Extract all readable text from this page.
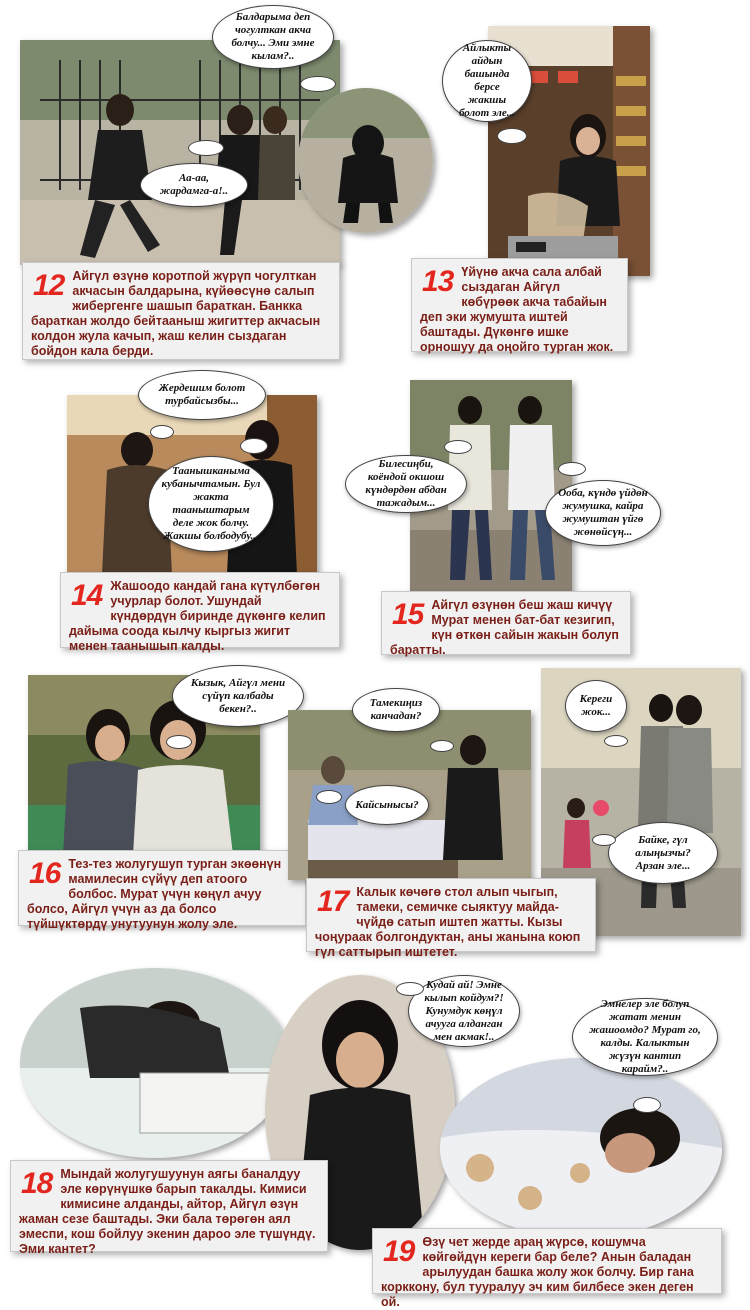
Балдарыма деп чогулткан акча болчу... Эми эмне кылам?..
Аа-аа, жардамга-а!..
12 Айгүл өзүнө коротпой жүрүп чогулткан акчасын балдарына, күйөөсүнө салып жибергенге шашып бараткан. Банкка бараткан жолдо бейтааныш жигиттер акчасын колдон жула качып, жаш келин сыздаган бойдон кала берди.
Айлыкты айдын башында берсе жакшы болот эле...
13 Үйүнө акча сала албай сыздаган Айгүл көбүрөөк акча табайын деп эки жумушта иштей баштады. Дүкөнгө ишке орношуу да оңойго турган жок.
Жердешим болот турбайсызбы...
Таанышканыма кубанычтамын. Бул жакта тааныштарым деле жок болчу. Жакшы болбодубу...
14 Жашоодо кандай гана күтүлбөгөн учурлар болот. Ушундай күндөрдүн биринде дүкөнгө келип дайыма соода кылчу кыргыз жигит менен таанышып калды.
Билесиңби, коёндой окшош күндөрдөн абдан тажадым...
Ооба, күндө үйдөн жумушка, кайра жумуштан үйгө жөнөйсүң...
15 Айгүл өзүнөн беш жаш кичүү Мурат менен бат-бат кезигип, күн өткөн сайын жакын болуп баратты.
Кызык, Айгүл мени сүйүп калбады бекен?..
16 Тез-тез жолугушуп турган экөөнүн мамилесин сүйүү деп атоого болбос. Мурат үчүн көңүл ачуу болсо, Айгүл үчүн аз да болсо түйшүктөрдү унутуунун жолу эле.
Тамекиңиз канчадан?
Кайсынысы?
Кереги жок...
Байке, гүл алыңызчы? Арзан эле...
17 Калык көчөгө стол алып чыгып, тамеки, семичке сыяктуу майда-чүйдө сатып иштеп жатты. Кызы чоңураак болгондуктан, аны жанына коюп гүл саттырып иштетет.
Кудай ай! Эмне кылып койдум?! Кунумдук көңүл ачууга алданган мен акмак!..
Эмнелер эле болуп жатат менин жашоомдо? Мурат го, калды. Калыктын жүзүн кантип карайм?..
18 Мындай жолугушуунун аягы баналдуу эле көрүнүшкө барып такалды. Кимиси кимисине алданды, айтор, Айгүл өзүн жаман сезе баштады. Эки бала төрөгөн аял эмеспи, кош бойлуу экенин дароо эле түшүндү. Эми кантет?	19 Өзү чет жерде араң жүрсө, кошумча көйгөйдүн кереги бар беле? Анын баладан арылуудан башка жолу жок болчу. Бир гана корккону, бул тууралуу эч ким билбесе экен деген ой.
